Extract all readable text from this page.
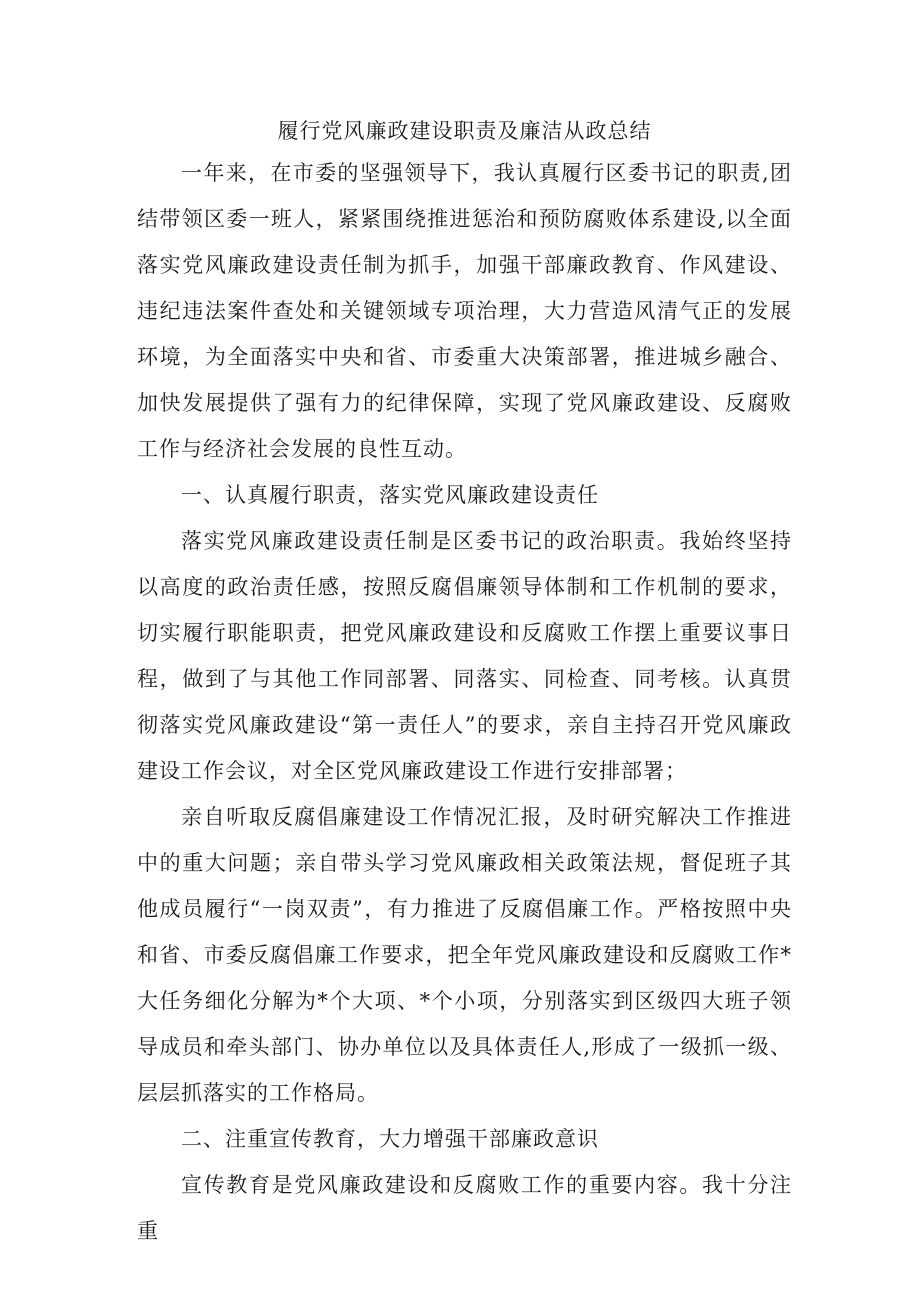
履行党风廉政建设职责及廉洁从政总结

一年来，在市委的坚强领导下，我认真履行区委书记的职责,团结带领区委一班人，紧紧围绕推进惩治和预防腐败体系建设,以全面落实党风廉政建设责任制为抓手，加强干部廉政教育、作风建设、违纪违法案件查处和关键领域专项治理，大力营造风清气正的发展环境，为全面落实中央和省、市委重大决策部署，推进城乡融合、加快发展提供了强有力的纪律保障，实现了党风廉政建设、反腐败工作与经济社会发展的良性互动。

一、认真履行职责，落实党风廉政建设责任

落实党风廉政建设责任制是区委书记的政治职责。我始终坚持以高度的政治责任感，按照反腐倡廉领导体制和工作机制的要求，切实履行职能职责，把党风廉政建设和反腐败工作摆上重要议事日程，做到了与其他工作同部署、同落实、同检查、同考核。认真贯彻落实党风廉政建设“第一责任人”的要求，亲自主持召开党风廉政建设工作会议，对全区党风廉政建设工作进行安排部署；

亲自听取反腐倡廉建设工作情况汇报，及时研究解决工作推进中的重大问题；亲自带头学习党风廉政相关政策法规，督促班子其他成员履行“一岗双责”，有力推进了反腐倡廉工作。严格按照中央和省、市委反腐倡廉工作要求，把全年党风廉政建设和反腐败工作*大任务细化分解为*个大项、*个小项，分别落实到区级四大班子领导成员和牵头部门、协办单位以及具体责任人,形成了一级抓一级、层层抓落实的工作格局。

二、注重宣传教育，大力增强干部廉政意识

宣传教育是党风廉政建设和反腐败工作的重要内容。我十分注重
